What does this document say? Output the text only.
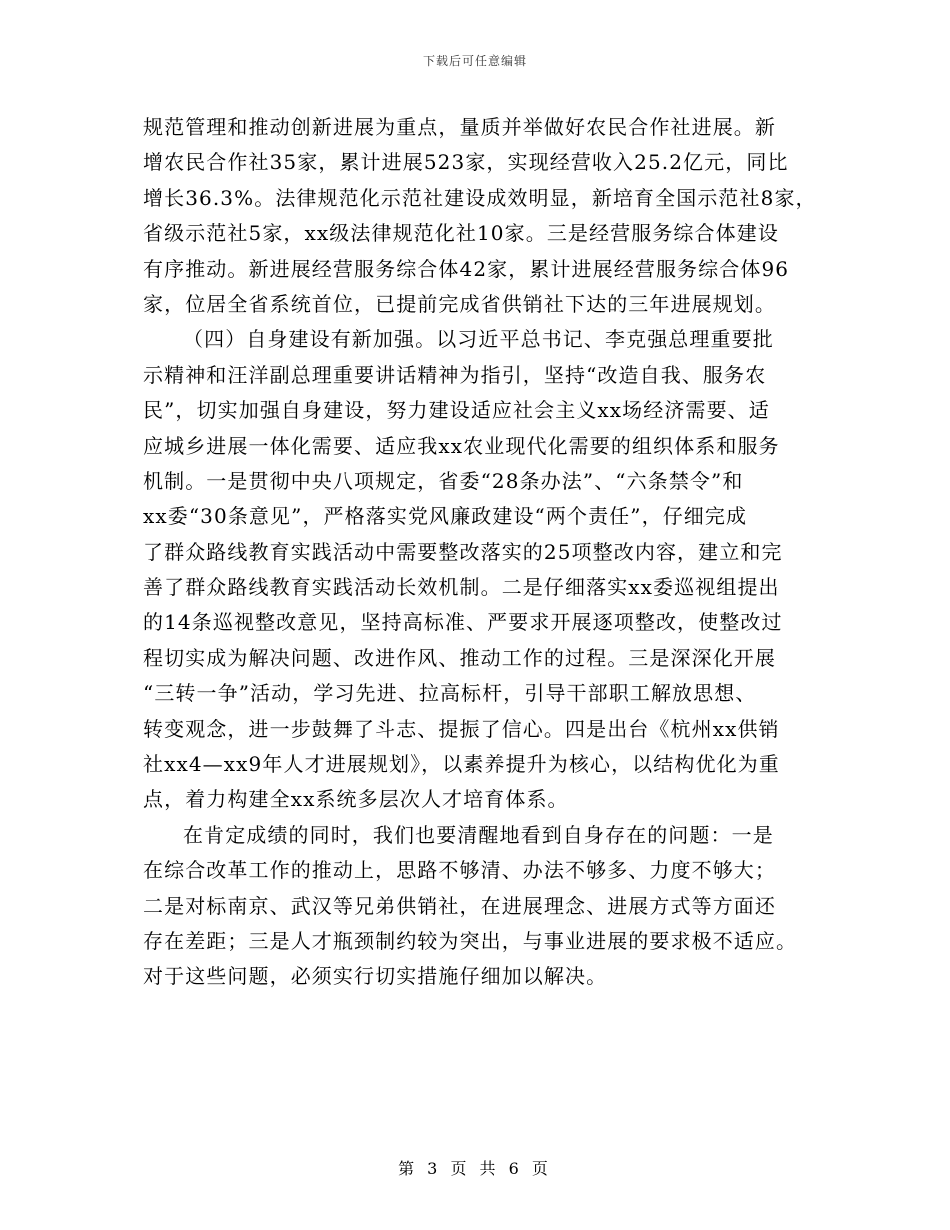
下载后可任意编辑
规范管理和推动创新进展为重点，量质并举做好农民合作社进展。新
增农民合作社35家，累计进展523家，实现经营收入25.2亿元，同比
增长36.3%。法律规范化示范社建设成效明显，新培育全国示范社8家，
省级示范社5家，xx级法律规范化社10家。三是经营服务综合体建设
有序推动。新进展经营服务综合体42家，累计进展经营服务综合体96
家，位居全省系统首位，已提前完成省供销社下达的三年进展规划。
（四）自身建设有新加强。以习近平总书记、李克强总理重要批
示精神和汪洋副总理重要讲话精神为指引，坚持“改造自我、服务农
民”，切实加强自身建设，努力建设适应社会主义xx场经济需要、适
应城乡进展一体化需要、适应我xx农业现代化需要的组织体系和服务
机制。一是贯彻中央八项规定，省委“28条办法”、“六条禁令”和
xx委“30条意见”，严格落实党风廉政建设“两个责任”，仔细完成
了群众路线教育实践活动中需要整改落实的25项整改内容，建立和完
善了群众路线教育实践活动长效机制。二是仔细落实xx委巡视组提出
的14条巡视整改意见，坚持高标准、严要求开展逐项整改，使整改过
程切实成为解决问题、改进作风、推动工作的过程。三是深深化开展
“三转一争”活动，学习先进、拉高标杆，引导干部职工解放思想、
转变观念，进一步鼓舞了斗志、提振了信心。四是出台《杭州xx供销
社xx4—xx9年人才进展规划》，以素养提升为核心，以结构优化为重
点，着力构建全xx系统多层次人才培育体系。
在肯定成绩的同时，我们也要清醒地看到自身存在的问题：一是
在综合改革工作的推动上，思路不够清、办法不够多、力度不够大；
二是对标南京、武汉等兄弟供销社，在进展理念、进展方式等方面还
存在差距；三是人才瓶颈制约较为突出，与事业进展的要求极不适应。
对于这些问题，必须实行切实措施仔细加以解决。
第 3 页 共 6 页
